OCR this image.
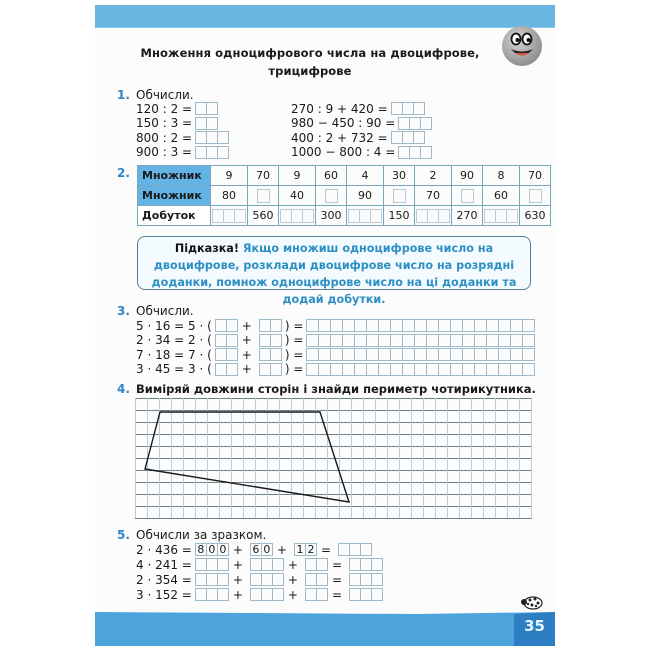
35
Множення одноцифрового числа на двоцифрове,
трицифрове
1. Обчисли.
120 : 2 =
150 : 3 =
800 : 2 =
900 : 3 =
270 : 9 + 420 =
980 − 450 : 90 =
400 : 2 + 732 =
1000 − 800 : 4 =
2. Множник	9	70	9	60	4	30	2	90	8	70
Множник	80		40		90		70		60	
Добуток		560		300		150		270		630
Підказка! Якщо множиш одноцифрове число на двоцифрове, розклади двоцифрове число на розрядні доданки, помнож одноцифрове число на ці доданки та додай добутки.
3. Обчисли.
5 · 16 = 5 · (	+	) =
2 · 34 = 2 · (	+	) =
7 · 18 = 7 · (	+	) =
3 · 45 = 3 · (	+	) =
4. Виміряй довжини сторін і знайди периметр чотирикутника.
5. Обчисли за зразком.
2 · 436 = 8 0 0 + 6 0 + 1 2 =
4 · 241 =	+	+	=
2 · 354 =	+	+	=
3 · 152 =	+	+	=
